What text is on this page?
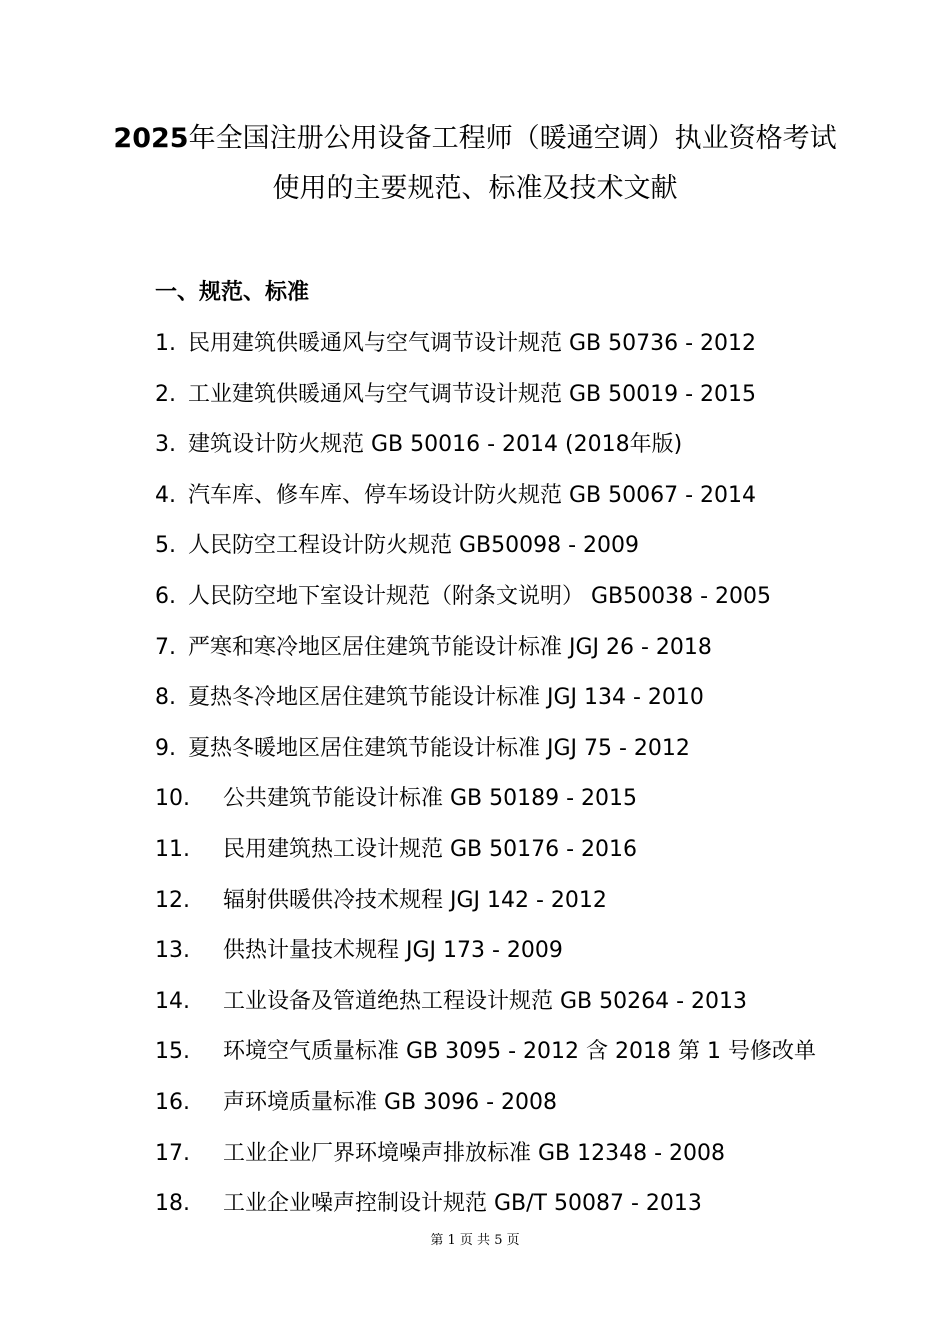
2025年全国注册公用设备工程师（暖通空调）执业资格考试
使用的主要规范、标准及技术文献
一、规范、标准
1. 民用建筑供暖通风与空气调节设计规范 GB 50736 - 2012
2. 工业建筑供暖通风与空气调节设计规范 GB 50019 - 2015
3. 建筑设计防火规范 GB 50016 - 2014 (2018年版)
4. 汽车库、修车库、停车场设计防火规范 GB 50067 - 2014
5. 人民防空工程设计防火规范 GB50098 - 2009
6. 人民防空地下室设计规范（附条文说明） GB50038 - 2005
7. 严寒和寒冷地区居住建筑节能设计标准 JGJ 26 - 2018
8. 夏热冬冷地区居住建筑节能设计标准 JGJ 134 - 2010
9. 夏热冬暖地区居住建筑节能设计标准 JGJ 75 - 2012
10.	公共建筑节能设计标准 GB 50189 - 2015
11.	民用建筑热工设计规范 GB 50176 - 2016
12.	辐射供暖供冷技术规程 JGJ 142 - 2012
13.	供热计量技术规程 JGJ 173 - 2009
14.	工业设备及管道绝热工程设计规范 GB 50264 - 2013
15.	环境空气质量标准 GB 3095 - 2012 含 2018 第 1 号修改单
16.	声环境质量标准 GB 3096 - 2008
17.	工业企业厂界环境噪声排放标准 GB 12348 - 2008
18.	工业企业噪声控制设计规范 GB/T 50087 - 2013
第 1 页 共 5 页
